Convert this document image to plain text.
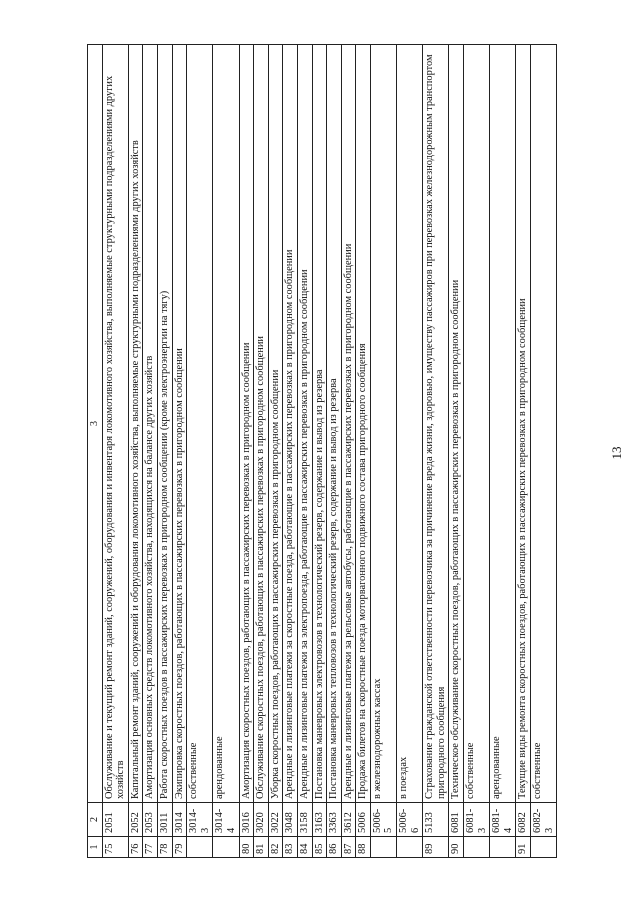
13
1	2	3
75	2051	Обслуживание и текущий ремонт зданий, сооружений, оборудования и инвентаря локомотивного хозяйства, выполняемые структурными подразделениями других хозяйств
76	2052	Капитальный ремонт зданий, сооружений и оборудования локомотивного хозяйства, выполняемые структурными подразделениями других хозяйств
77	2053	Амортизация основных средств локомотивного хозяйства, находящихся на балансе других хозяйств
78	3011	Работа скоростных поездов в пассажирских перевозках в пригородном сообщении (кроме электроэнергии на тягу)
79	3014	Экипировка скоростных поездов, работающих в пассажирских перевозках в пригородном сообщении
	3014-3	собственные
	3014-4	арендованные
80	3016	Амортизация скоростных поездов, работающих в пассажирских перевозках в пригородном сообщении
81	3020	Обслуживание скоростных поездов, работающих в пассажирских перевозках в пригородном сообщении
82	3022	Уборка скоростных поездов, работающих в пассажирских перевозках в пригородном сообщении
83	3048	Арендные и лизинговые платежи за скоростные поезда, работающие в пассажирских перевозках в пригородном сообщении
84	3158	Арендные и лизинговые платежи за электропоезда, работающие в пассажирских перевозках в пригородном сообщении
85	3163	Постановка маневровых электровозов в технологический резерв, содержание и вывод из резерва
86	3363	Постановка маневровых тепловозов в технологический резерв, содержание и вывод из резерва
87	3612	Арендные и лизинговые платежи за рельсовые автобусы, работающие в пассажирских перевозках в пригородном сообщении
88	5006	Продажа билетов на скоростные поезда моторвагонного подвижного состава пригородного сообщения
	5006-5	в железнодорожных кассах
	5006-6	в поездах
89	5133	Страхование гражданской ответственности перевозчика за причинение вреда жизни, здоровью, имуществу пассажиров при перевозках железнодорожным транспортом пригородного сообщения
90	6081	Техническое обслуживание скоростных поездов, работающих в пассажирских перевозках в пригородном сообщении
	6081-3	собственные
	6081-4	арендованные
91	6082	Текущие виды ремонта скоростных поездов, работающих в пассажирских перевозках в пригородном сообщении
	6082-3	собственные
